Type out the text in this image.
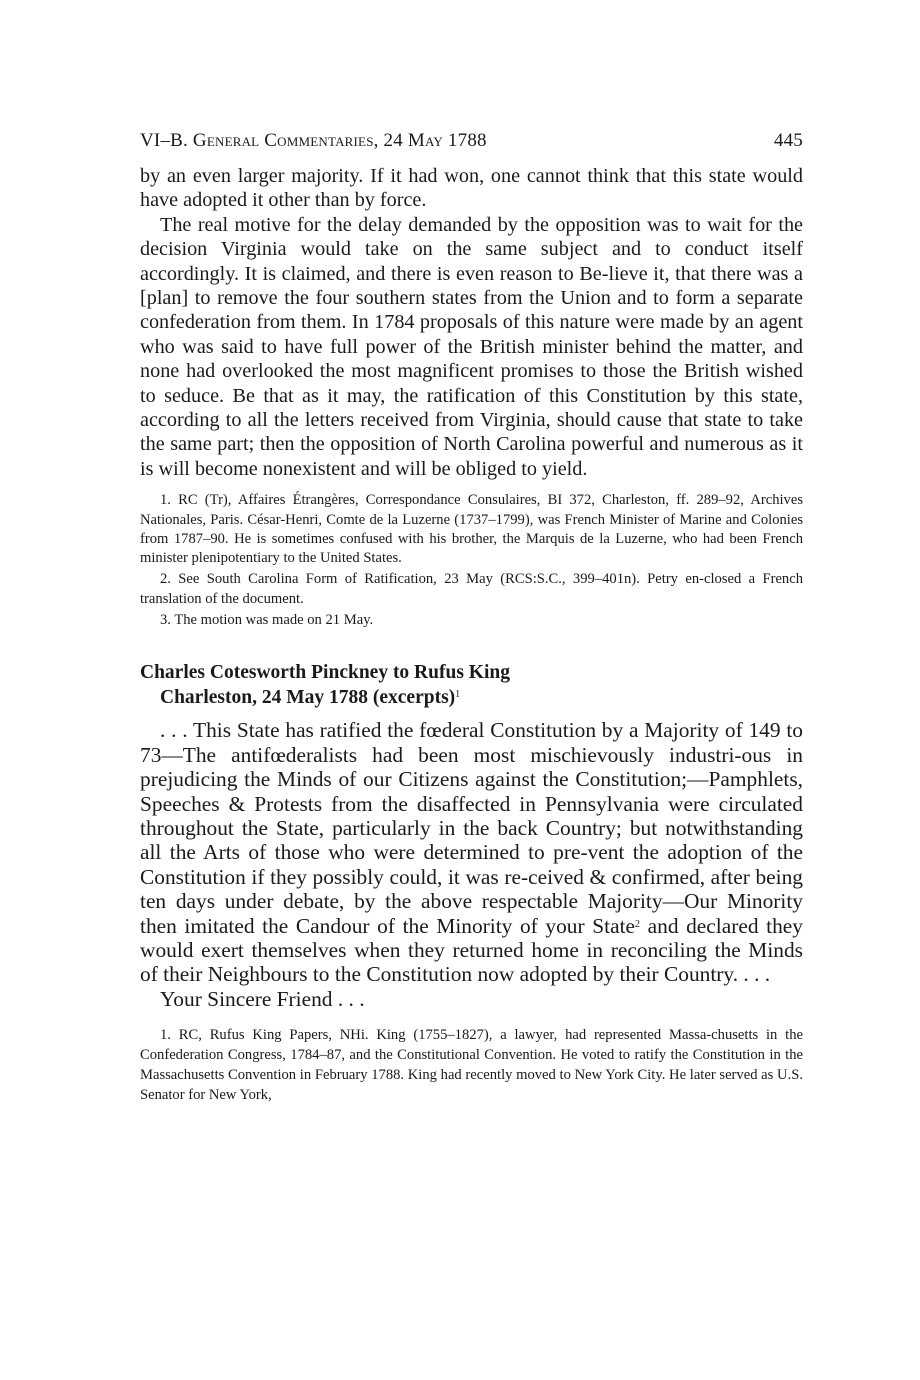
VI–B. General Commentaries, 24 May 1788	445

by an even larger majority. If it had won, one cannot think that this state would have adopted it other than by force.

The real motive for the delay demanded by the opposition was to wait for the decision Virginia would take on the same subject and to conduct itself accordingly. It is claimed, and there is even reason to Be-lieve it, that there was a [plan] to remove the four southern states from the Union and to form a separate confederation from them. In 1784 proposals of this nature were made by an agent who was said to have full power of the British minister behind the matter, and none had overlooked the most magnificent promises to those the British wished to seduce. Be that as it may, the ratification of this Constitution by this state, according to all the letters received from Virginia, should cause that state to take the same part; then the opposition of North Carolina powerful and numerous as it is will become nonexistent and will be obliged to yield.

1. RC (Tr), Affaires Étrangères, Correspondance Consulaires, BI 372, Charleston, ff. 289–92, Archives Nationales, Paris. César-Henri, Comte de la Luzerne (1737–1799), was French Minister of Marine and Colonies from 1787–90. He is sometimes confused with his brother, the Marquis de la Luzerne, who had been French minister plenipotentiary to the United States.

2. See South Carolina Form of Ratification, 23 May (RCS:S.C., 399–401n). Petry en-closed a French translation of the document.

3. The motion was made on 21 May.

Charles Cotesworth Pinckney to Rufus King
Charleston, 24 May 1788 (excerpts)$^1$

. . . This State has ratified the fœderal Constitution by a Majority of 149 to 73—The antifœderalists had been most mischievously industri-ous in prejudicing the Minds of our Citizens against the Constitution;—Pamphlets, Speeches & Protests from the disaffected in Pennsylvania were circulated throughout the State, particularly in the back Country; but notwithstanding all the Arts of those who were determined to pre-vent the adoption of the Constitution if they possibly could, it was re-ceived & confirmed, after being ten days under debate, by the above respectable Majority—Our Minority then imitated the Candour of the Minority of your State$^2$ and declared they would exert themselves when they returned home in reconciling the Minds of their Neighbours to the Constitution now adopted by their Country. . . .

Your Sincere Friend . . .

1. RC, Rufus King Papers, NHi. King (1755–1827), a lawyer, had represented Massa-chusetts in the Confederation Congress, 1784–87, and the Constitutional Convention. He voted to ratify the Constitution in the Massachusetts Convention in February 1788. King had recently moved to New York City. He later served as U.S. Senator for New York,
